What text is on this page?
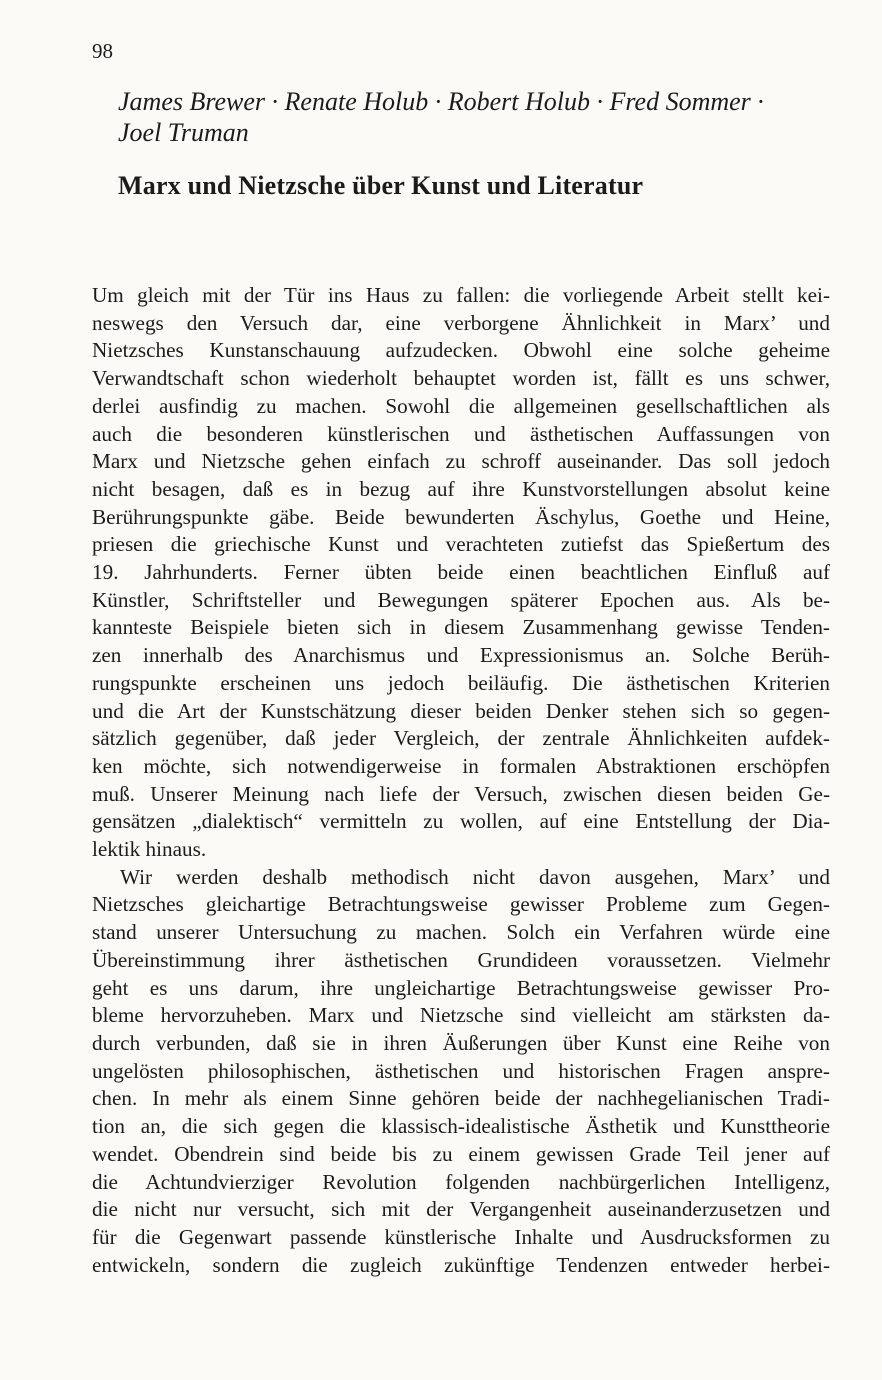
98
James Brewer · Renate Holub · Robert Holub · Fred Sommer ·
Joel Truman
Marx und Nietzsche über Kunst und Literatur
Um gleich mit der Tür ins Haus zu fallen: die vorliegende Arbeit stellt kei-
neswegs den Versuch dar, eine verborgene Ähnlichkeit in Marx’ und
Nietzsches Kunstanschauung aufzudecken. Obwohl eine solche geheime
Verwandtschaft schon wiederholt behauptet worden ist, fällt es uns schwer,
derlei ausfindig zu machen. Sowohl die allgemeinen gesellschaftlichen als
auch die besonderen künstlerischen und ästhetischen Auffassungen von
Marx und Nietzsche gehen einfach zu schroff auseinander. Das soll jedoch
nicht besagen, daß es in bezug auf ihre Kunstvorstellungen absolut keine
Berührungspunkte gäbe. Beide bewunderten Äschylus, Goethe und Heine,
priesen die griechische Kunst und verachteten zutiefst das Spießertum des
19. Jahrhunderts. Ferner übten beide einen beachtlichen Einfluß auf
Künstler, Schriftsteller und Bewegungen späterer Epochen aus. Als be-
kannteste Beispiele bieten sich in diesem Zusammenhang gewisse Tenden-
zen innerhalb des Anarchismus und Expressionismus an. Solche Berüh-
rungspunkte erscheinen uns jedoch beiläufig. Die ästhetischen Kriterien
und die Art der Kunstschätzung dieser beiden Denker stehen sich so gegen-
sätzlich gegenüber, daß jeder Vergleich, der zentrale Ähnlichkeiten aufdek-
ken möchte, sich notwendigerweise in formalen Abstraktionen erschöpfen
muß. Unserer Meinung nach liefe der Versuch, zwischen diesen beiden Ge-
gensätzen „dialektisch“ vermitteln zu wollen, auf eine Entstellung der Dia-
lektik hinaus.
Wir werden deshalb methodisch nicht davon ausgehen, Marx’ und
Nietzsches gleichartige Betrachtungsweise gewisser Probleme zum Gegen-
stand unserer Untersuchung zu machen. Solch ein Verfahren würde eine
Übereinstimmung ihrer ästhetischen Grundideen voraussetzen. Vielmehr
geht es uns darum, ihre ungleichartige Betrachtungsweise gewisser Pro-
bleme hervorzuheben. Marx und Nietzsche sind vielleicht am stärksten da-
durch verbunden, daß sie in ihren Äußerungen über Kunst eine Reihe von
ungelösten philosophischen, ästhetischen und historischen Fragen anspre-
chen. In mehr als einem Sinne gehören beide der nachhegelianischen Tradi-
tion an, die sich gegen die klassisch-idealistische Ästhetik und Kunsttheorie
wendet. Obendrein sind beide bis zu einem gewissen Grade Teil jener auf
die Achtundvierziger Revolution folgenden nachbürgerlichen Intelligenz,
die nicht nur versucht, sich mit der Vergangenheit auseinanderzusetzen und
für die Gegenwart passende künstlerische Inhalte und Ausdrucksformen zu
entwickeln, sondern die zugleich zukünftige Tendenzen entweder herbei-
